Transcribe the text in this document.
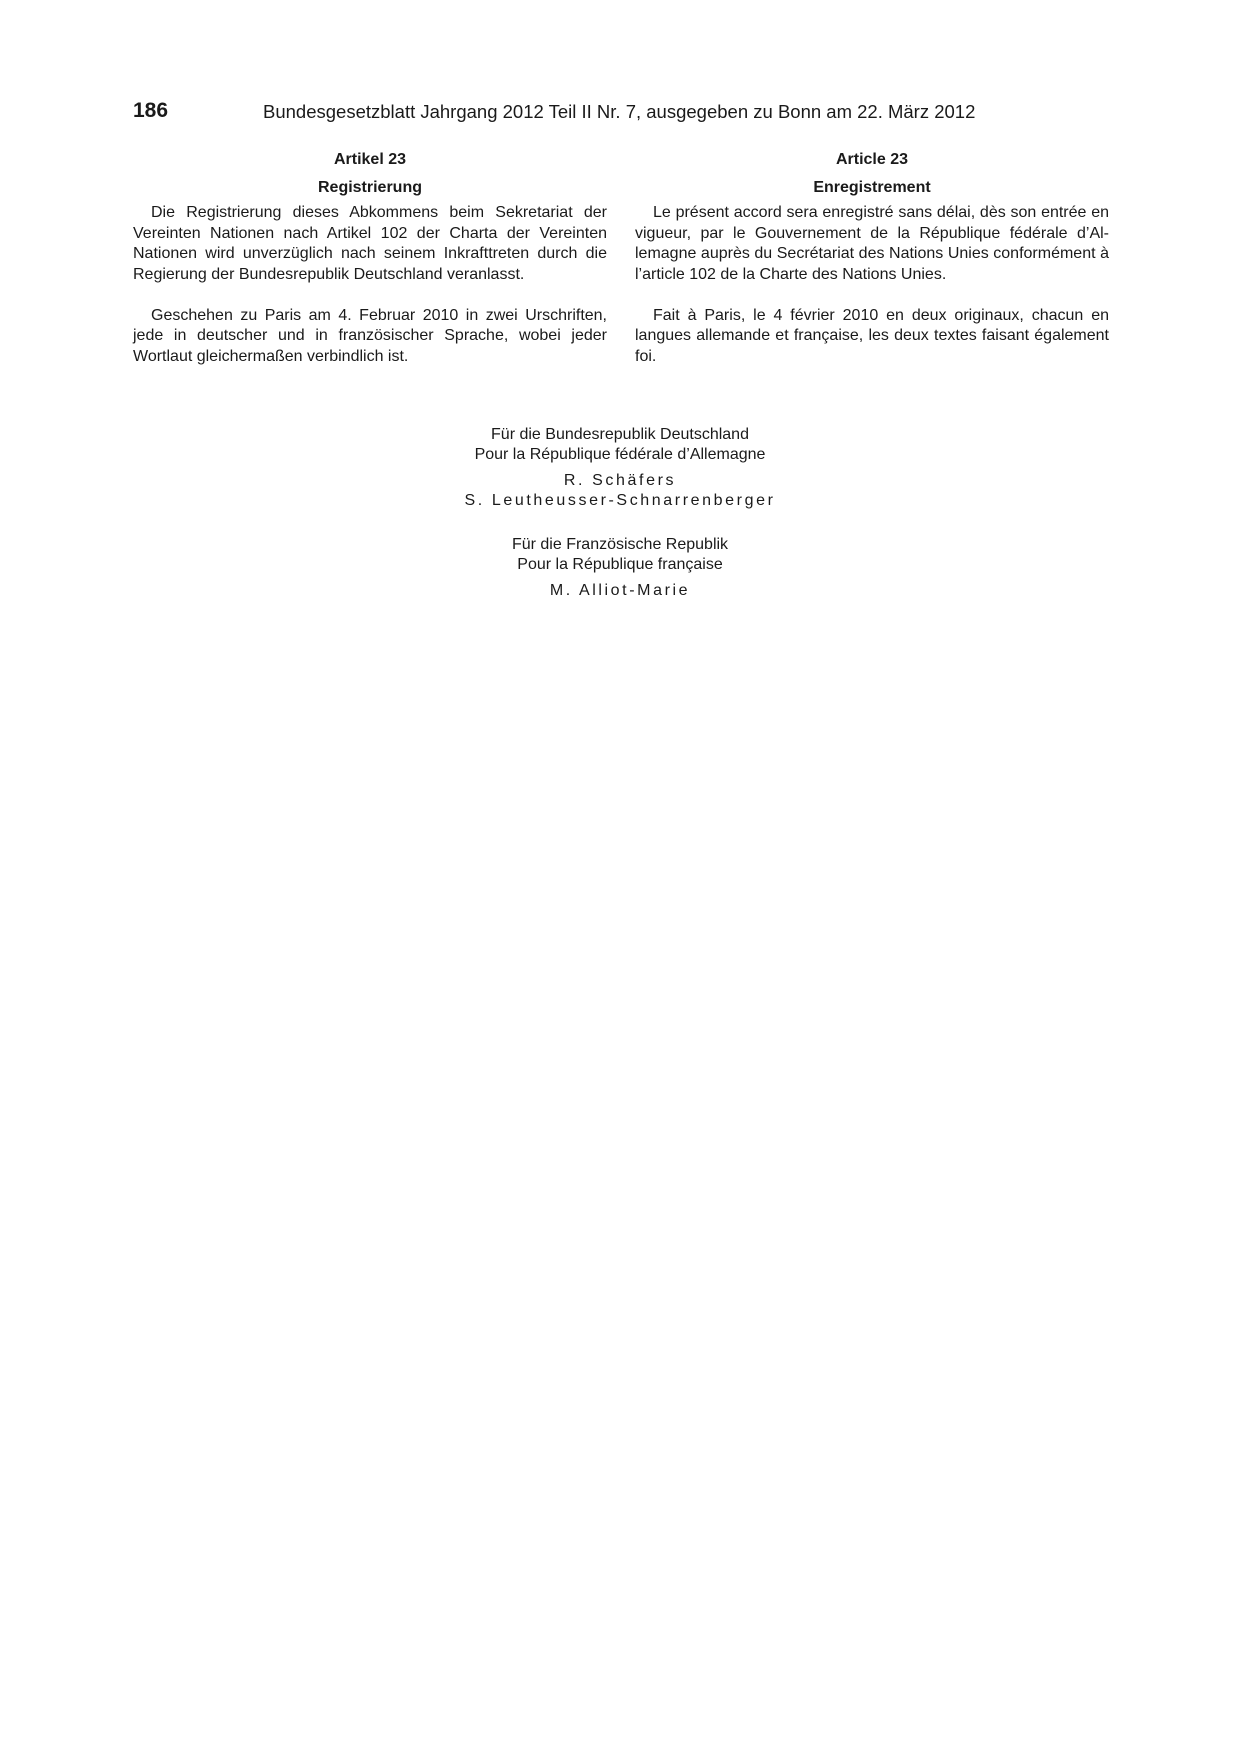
186	Bundesgesetzblatt Jahrgang 2012 Teil II Nr. 7, ausgegeben zu Bonn am 22. März 2012

Artikel 23

Registrierung

Die Registrierung dieses Abkommens beim Sekretariat der Vereinten Nationen nach Artikel 102 der Charta der Vereinten Nationen wird unverzüglich nach seinem Inkrafttreten durch die Regierung der Bundesrepublik Deutschland veranlasst.

Geschehen zu Paris am 4. Februar 2010 in zwei Urschriften, jede in deutscher und in französischer Sprache, wobei jeder Wortlaut gleichermaßen verbindlich ist.

Article 23

Enregistrement

Le présent accord sera enregistré sans délai, dès son entrée en vigueur, par le Gouvernement de la République fédérale d’Allemagne auprès du Secrétariat des Nations Unies conformément à l’article 102 de la Charte des Nations Unies.

Fait à Paris, le 4 février 2010 en deux originaux, chacun en langues allemande et française, les deux textes faisant également foi.

Für die Bundesrepublik Deutschland

Pour la République fédérale d’Allemagne

R. Schäfers

S. Leutheusser-Schnarrenberger

Für die Französische Republik

Pour la République française

M. Alliot-Marie
